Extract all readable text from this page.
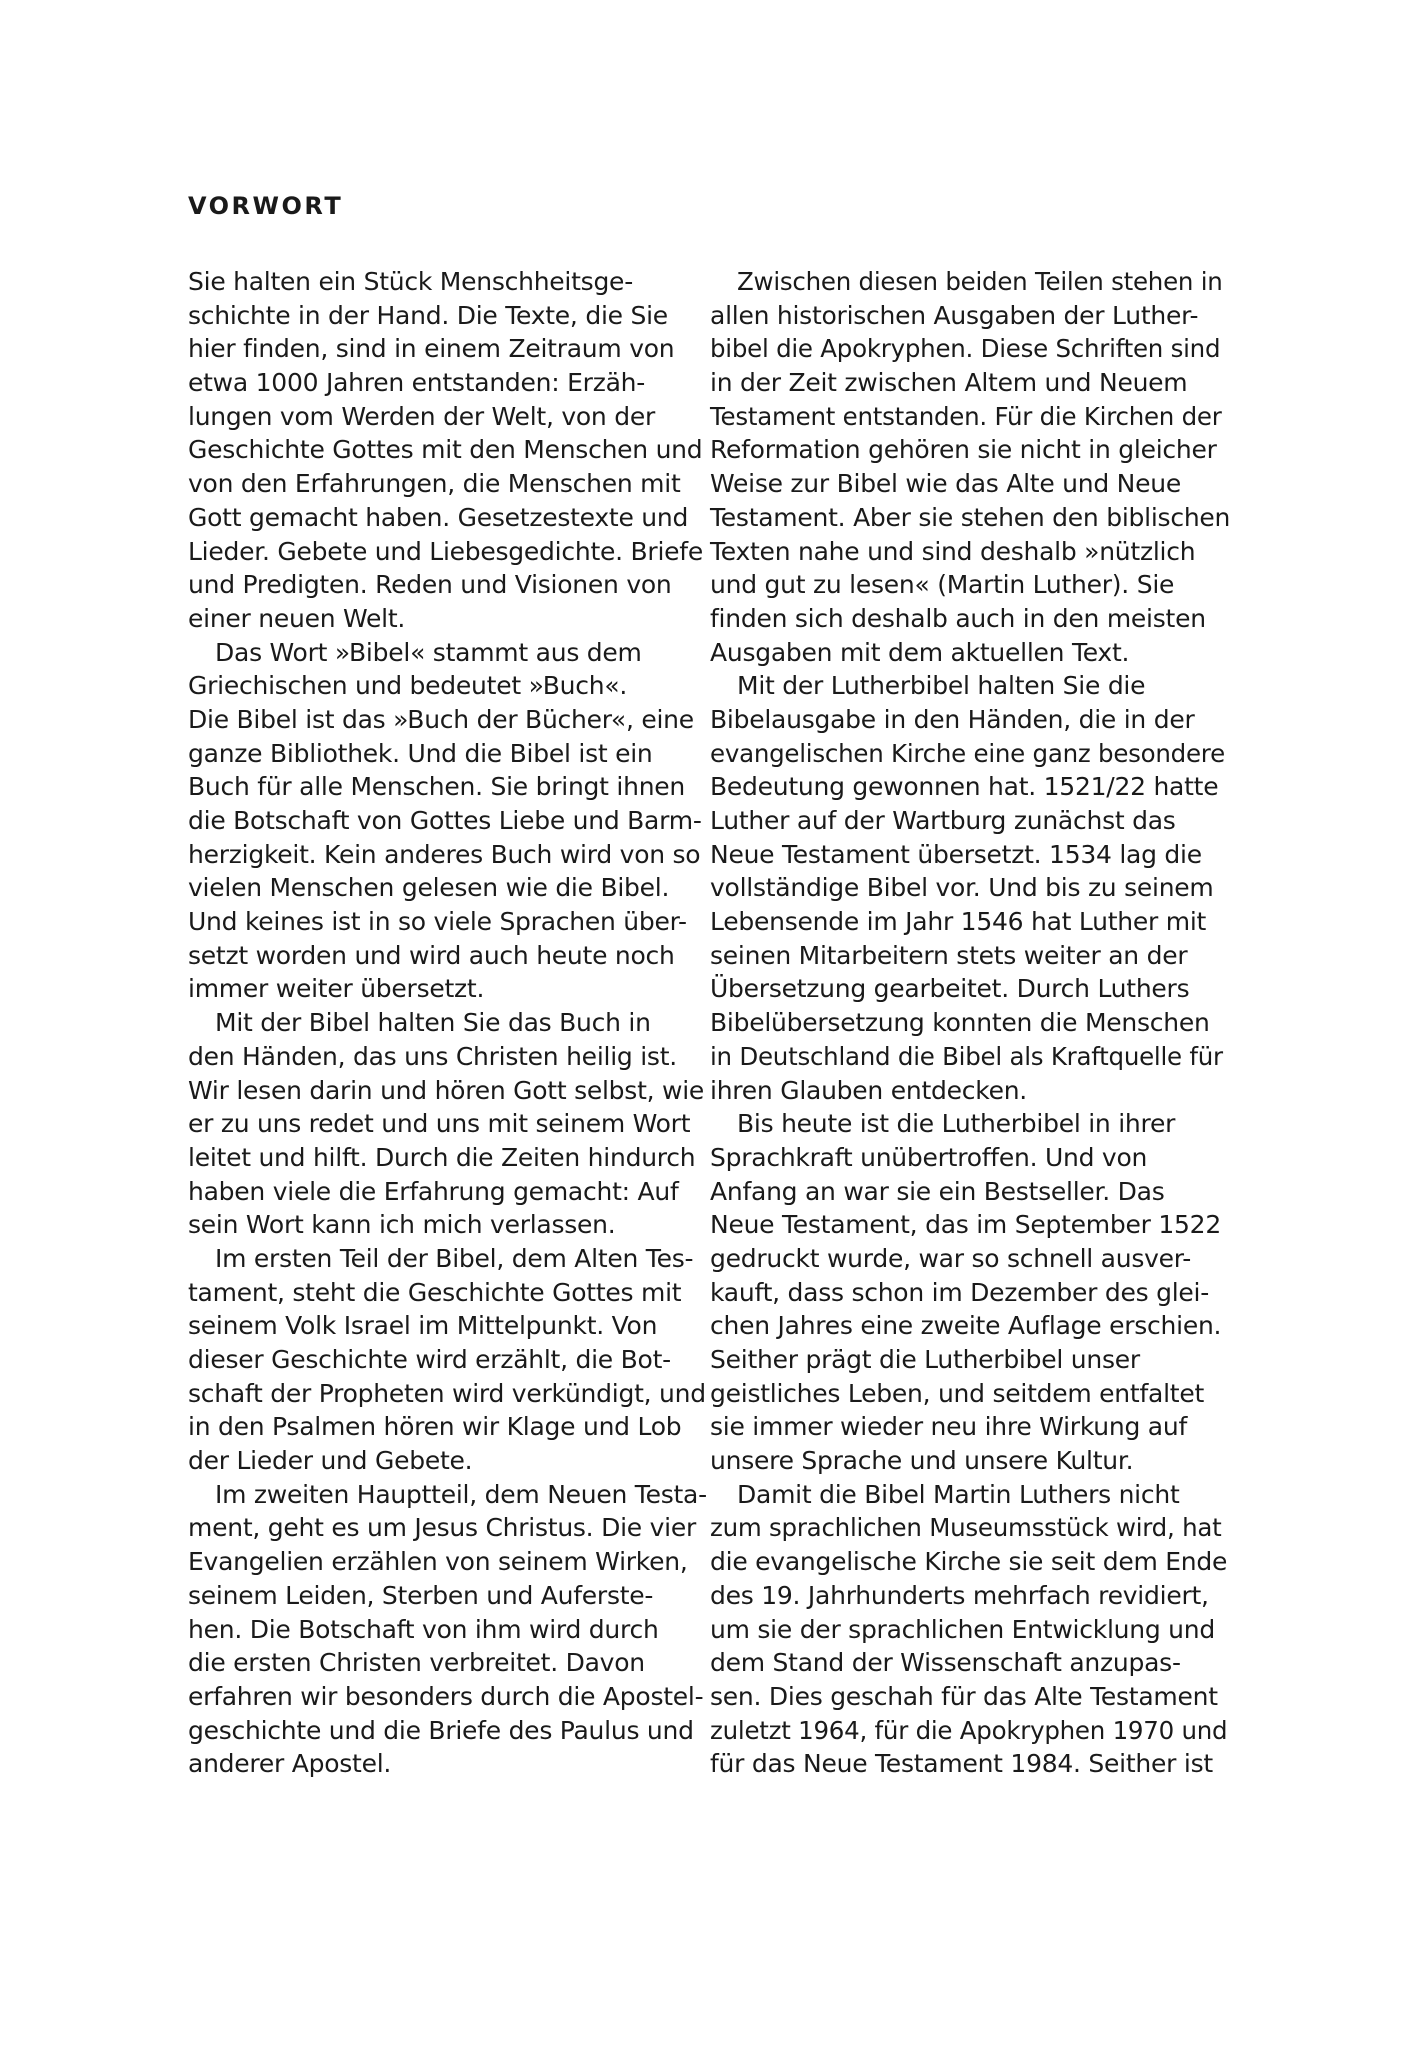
VORWORT
Sie halten ein Stück Menschheitsge-
schichte in der Hand. Die Texte, die Sie
hier finden, sind in einem Zeitraum von
etwa 1000 Jahren entstanden: Erzäh-
lungen vom Werden der Welt, von der
Geschichte Gottes mit den Menschen und
von den Erfahrungen, die Menschen mit
Gott gemacht haben. Gesetzestexte und
Lieder. Gebete und Liebesgedichte. Briefe
und Predigten. Reden und Visionen von
einer neuen Welt.
Das Wort »Bibel« stammt aus dem
Griechischen und bedeutet »Buch«.
Die Bibel ist das »Buch der Bücher«, eine
ganze Bibliothek. Und die Bibel ist ein
Buch für alle Menschen. Sie bringt ihnen
die Botschaft von Gottes Liebe und Barm-
herzigkeit. Kein anderes Buch wird von so
vielen Menschen gelesen wie die Bibel.
Und keines ist in so viele Sprachen über-
setzt worden und wird auch heute noch
immer weiter übersetzt.
Mit der Bibel halten Sie das Buch in
den Händen, das uns Christen heilig ist.
Wir lesen darin und hören Gott selbst, wie
er zu uns redet und uns mit seinem Wort
leitet und hilft. Durch die Zeiten hindurch
haben viele die Erfahrung gemacht: Auf
sein Wort kann ich mich verlassen.
Im ersten Teil der Bibel, dem Alten Tes-
tament, steht die Geschichte Gottes mit
seinem Volk Israel im Mittelpunkt. Von
dieser Geschichte wird erzählt, die Bot-
schaft der Propheten wird verkündigt, und
in den Psalmen hören wir Klage und Lob
der Lieder und Gebete.
Im zweiten Hauptteil, dem Neuen Testa-
ment, geht es um Jesus Christus. Die vier
Evangelien erzählen von seinem Wirken,
seinem Leiden, Sterben und Auferste-
hen. Die Botschaft von ihm wird durch
die ersten Christen verbreitet. Davon
erfahren wir besonders durch die Apostel-
geschichte und die Briefe des Paulus und
anderer Apostel.
Zwischen diesen beiden Teilen stehen in
allen historischen Ausgaben der Luther-
bibel die Apokryphen. Diese Schriften sind
in der Zeit zwischen Altem und Neuem
Testament entstanden. Für die Kirchen der
Reformation gehören sie nicht in gleicher
Weise zur Bibel wie das Alte und Neue
Testament. Aber sie stehen den biblischen
Texten nahe und sind deshalb »nützlich
und gut zu lesen« (Martin Luther). Sie
finden sich deshalb auch in den meisten
Ausgaben mit dem aktuellen Text.
Mit der Lutherbibel halten Sie die
Bibelausgabe in den Händen, die in der
evangelischen Kirche eine ganz besondere
Bedeutung gewonnen hat. 1521/22 hatte
Luther auf der Wartburg zunächst das
Neue Testament übersetzt. 1534 lag die
vollständige Bibel vor. Und bis zu seinem
Lebensende im Jahr 1546 hat Luther mit
seinen Mitarbeitern stets weiter an der
Übersetzung gearbeitet. Durch Luthers
Bibelübersetzung konnten die Menschen
in Deutschland die Bibel als Kraftquelle für
ihren Glauben entdecken.
Bis heute ist die Lutherbibel in ihrer
Sprachkraft unübertroffen. Und von
Anfang an war sie ein Bestseller. Das
Neue Testament, das im September 1522
gedruckt wurde, war so schnell ausver-
kauft, dass schon im Dezember des glei-
chen Jahres eine zweite Auflage erschien.
Seither prägt die Lutherbibel unser
geistliches Leben, und seitdem entfaltet
sie immer wieder neu ihre Wirkung auf
unsere Sprache und unsere Kultur.
Damit die Bibel Martin Luthers nicht
zum sprachlichen Museumsstück wird, hat
die evangelische Kirche sie seit dem Ende
des 19. Jahrhunderts mehrfach revidiert,
um sie der sprachlichen Entwicklung und
dem Stand der Wissenschaft anzupas-
sen. Dies geschah für das Alte Testament
zuletzt 1964, für die Apokryphen 1970 und
für das Neue Testament 1984. Seither ist
